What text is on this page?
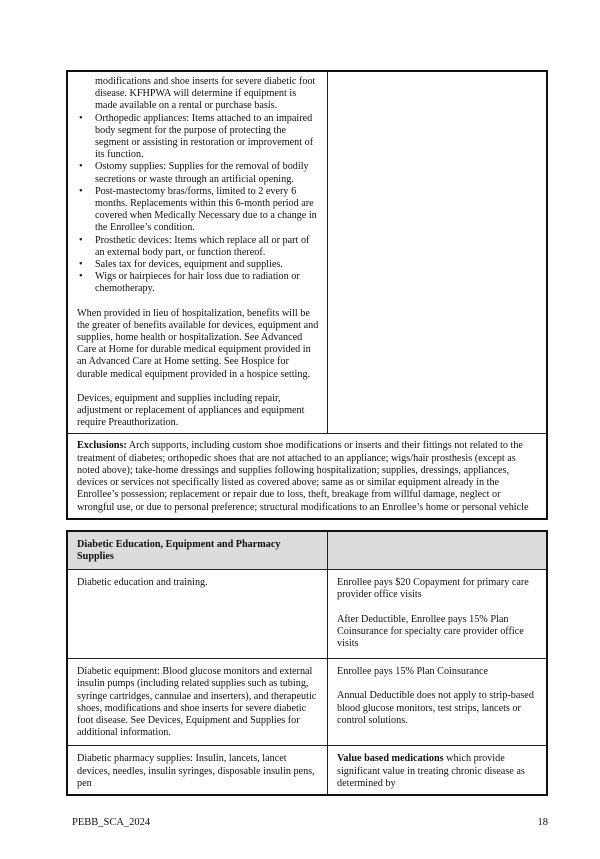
modifications and shoe inserts for severe diabetic foot disease. KFHPWA will determine if equipment is made available on a rental or purchase basis.

• Orthopedic appliances: Items attached to an impaired body segment for the purpose of protecting the segment or assisting in restoration or improvement of its function.
• Ostomy supplies: Supplies for the removal of bodily secretions or waste through an artificial opening.
• Post-mastectomy bras/forms, limited to 2 every 6 months. Replacements within this 6-month period are covered when Medically Necessary due to a change in the Enrollee’s condition.
• Prosthetic devices: Items which replace all or part of an external body part, or function thereof.
• Sales tax for devices, equipment and supplies.
• Wigs or hairpieces for hair loss due to radiation or chemotherapy.

When provided in lieu of hospitalization, benefits will be the greater of benefits available for devices, equipment and supplies, home health or hospitalization. See Advanced Care at Home for durable medical equipment provided in an Advanced Care at Home setting. See Hospice for durable medical equipment provided in a hospice setting.

Devices, equipment and supplies including repair, adjustment or replacement of appliances and equipment require Preauthorization.

Exclusions: Arch supports, including custom shoe modifications or inserts and their fittings not related to the treatment of diabetes; orthopedic shoes that are not attached to an appliance; wigs/hair prosthesis (except as noted above); take-home dressings and supplies following hospitalization; supplies, dressings, appliances, devices or services not specifically listed as covered above; same as or similar equipment already in the Enrollee’s possession; replacement or repair due to loss, theft, breakage from willful damage, neglect or wrongful use, or due to personal preference; structural modifications to an Enrollee’s home or personal vehicle
Diabetic Education, Equipment and Pharmacy Supplies	
Diabetic education and training.	Enrollee pays $20 Copayment for primary care provider office visits

After Deductible, Enrollee pays 15% Plan Coinsurance for specialty care provider office visits

Diabetic equipment: Blood glucose monitors and external insulin pumps (including related supplies such as tubing, syringe cartridges, cannulae and inserters), and therapeutic shoes, modifications and shoe inserts for severe diabetic foot disease. See Devices, Equipment and Supplies for additional information.	Enrollee pays 15% Plan Coinsurance

Annual Deductible does not apply to strip-based blood glucose monitors, test strips, lancets or control solutions.

Diabetic pharmacy supplies: Insulin, lancets, lancet devices, needles, insulin syringes, disposable insulin pens, pen	Value based medications which provide significant value in treating chronic disease as determined by
PEBB_SCA_2024	18
